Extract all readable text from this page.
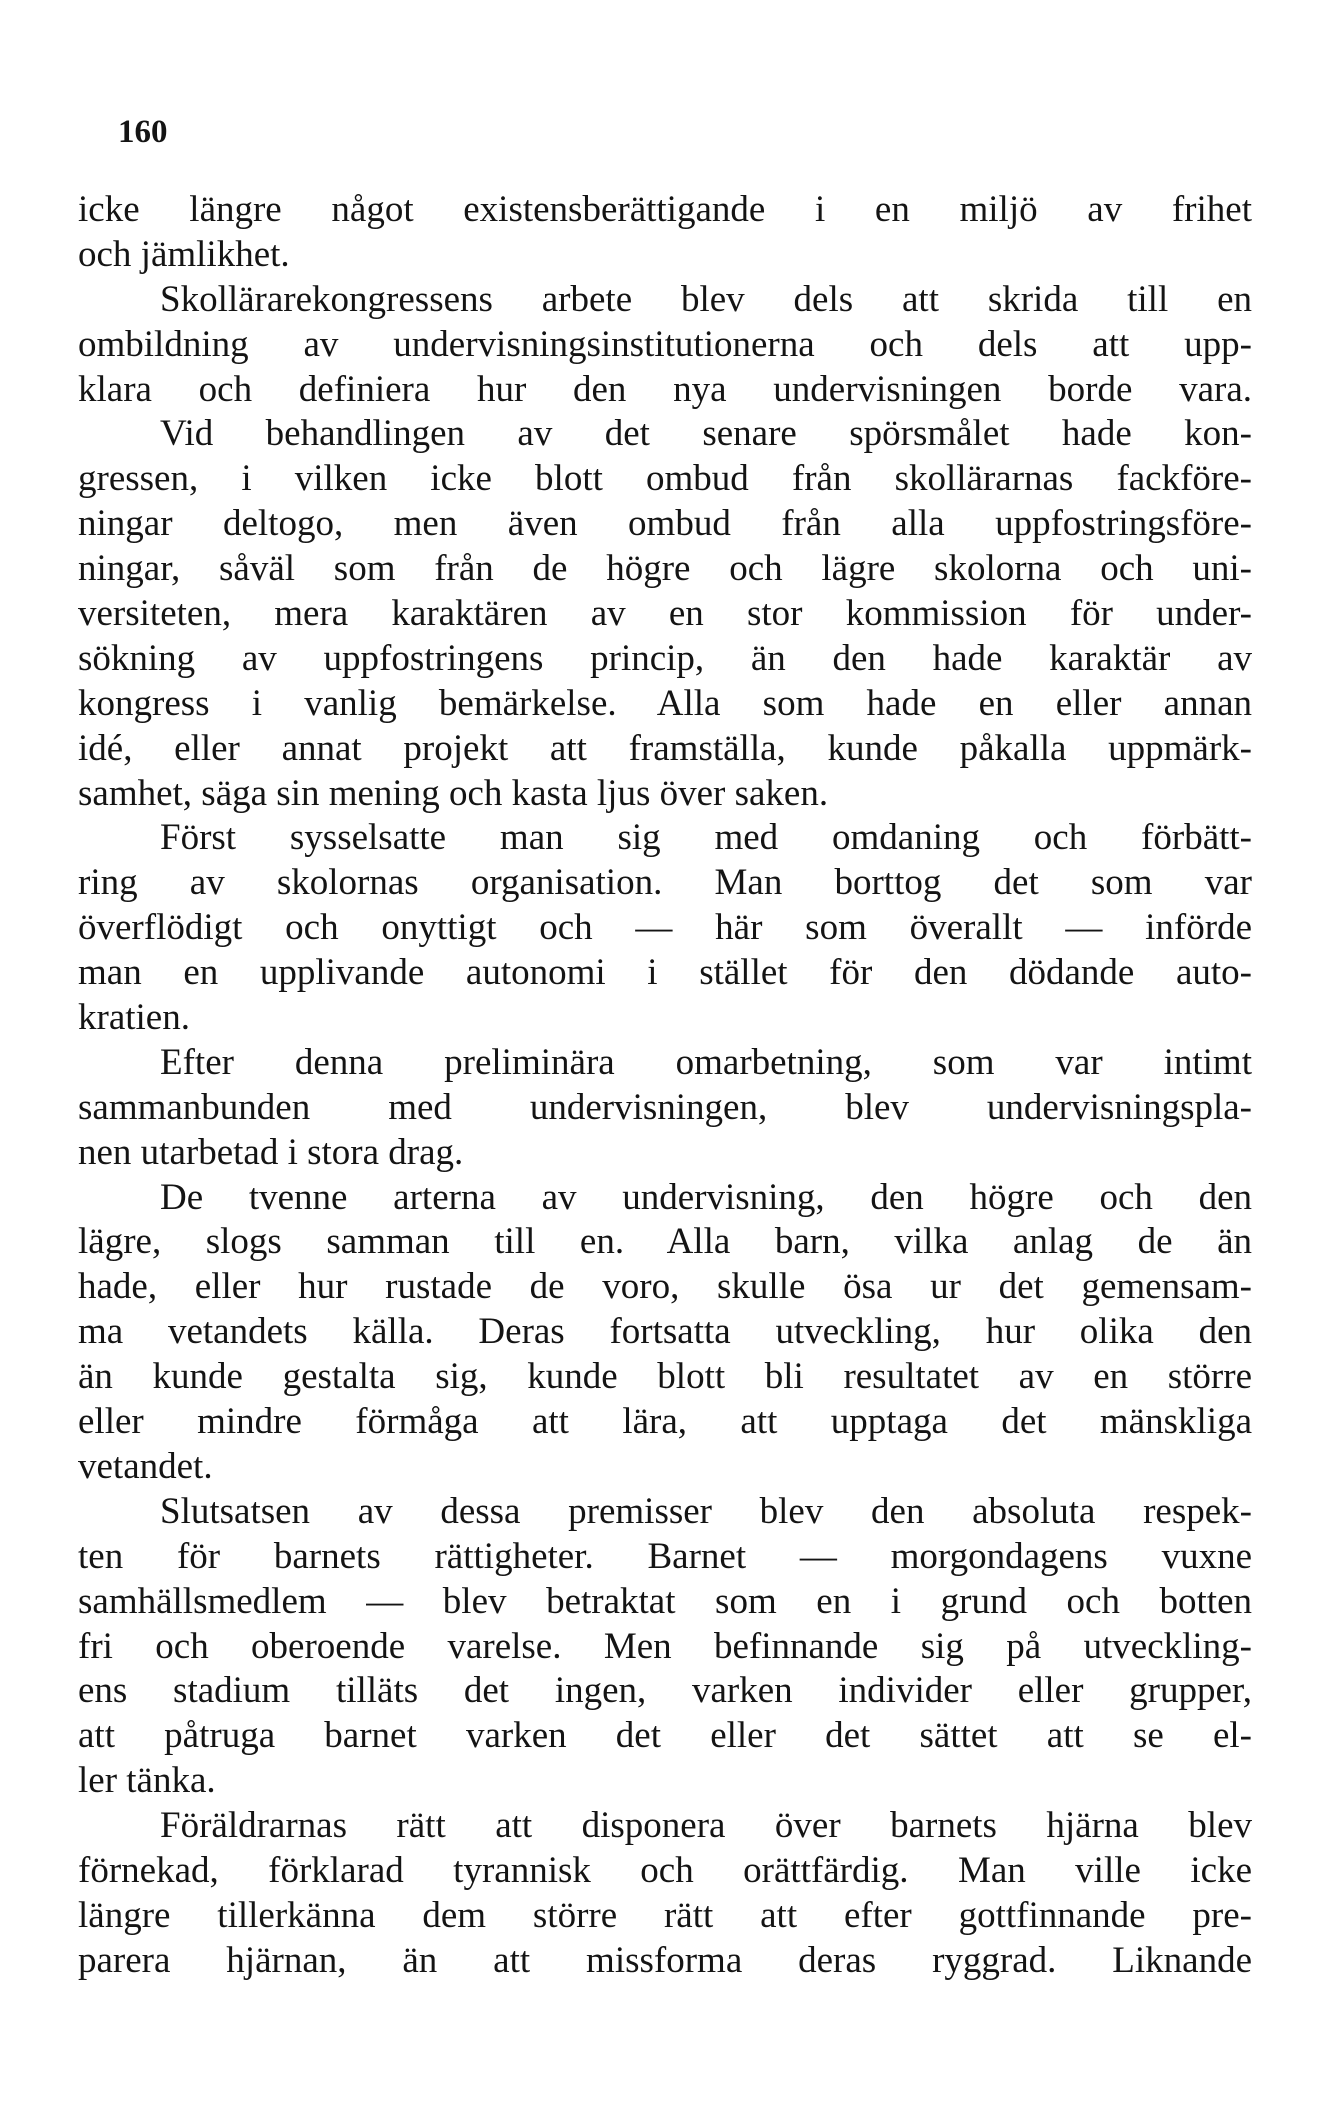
160
icke längre något existensberättigande i en miljö av frihet
och jämlikhet.
Skollärarekongressens arbete blev dels att skrida till en
ombildning av undervisningsinstitutionerna och dels att upp-
klara och definiera hur den nya undervisningen borde vara.
Vid behandlingen av det senare spörsmålet hade kon-
gressen, i vilken icke blott ombud från skollärarnas fackföre-
ningar deltogo, men även ombud från alla uppfostringsföre-
ningar, såväl som från de högre och lägre skolorna och uni-
versiteten, mera karaktären av en stor kommission för under-
sökning av uppfostringens princip, än den hade karaktär av
kongress i vanlig bemärkelse. Alla som hade en eller annan
idé, eller annat projekt att framställa, kunde påkalla uppmärk-
samhet, säga sin mening och kasta ljus över saken.
Först sysselsatte man sig med omdaning och förbätt-
ring av skolornas organisation. Man borttog det som var
överflödigt och onyttigt och — här som överallt — införde
man en upplivande autonomi i stället för den dödande auto-
kratien.
Efter denna preliminära omarbetning, som var intimt
sammanbunden med undervisningen, blev undervisningspla-
nen utarbetad i stora drag.
De tvenne arterna av undervisning, den högre och den
lägre, slogs samman till en. Alla barn, vilka anlag de än
hade, eller hur rustade de voro, skulle ösa ur det gemensam-
ma vetandets källa. Deras fortsatta utveckling, hur olika den
än kunde gestalta sig, kunde blott bli resultatet av en större
eller mindre förmåga att lära, att upptaga det mänskliga
vetandet.
Slutsatsen av dessa premisser blev den absoluta respek-
ten för barnets rättigheter. Barnet — morgondagens vuxne
samhällsmedlem — blev betraktat som en i grund och botten
fri och oberoende varelse. Men befinnande sig på utveckling-
ens stadium tilläts det ingen, varken individer eller grupper,
att påtruga barnet varken det eller det sättet att se el-
ler tänka.
Föräldrarnas rätt att disponera över barnets hjärna blev
förnekad, förklarad tyrannisk och orättfärdig. Man ville icke
längre tillerkänna dem större rätt att efter gottfinnande pre-
parera hjärnan, än att missforma deras ryggrad. Liknande
